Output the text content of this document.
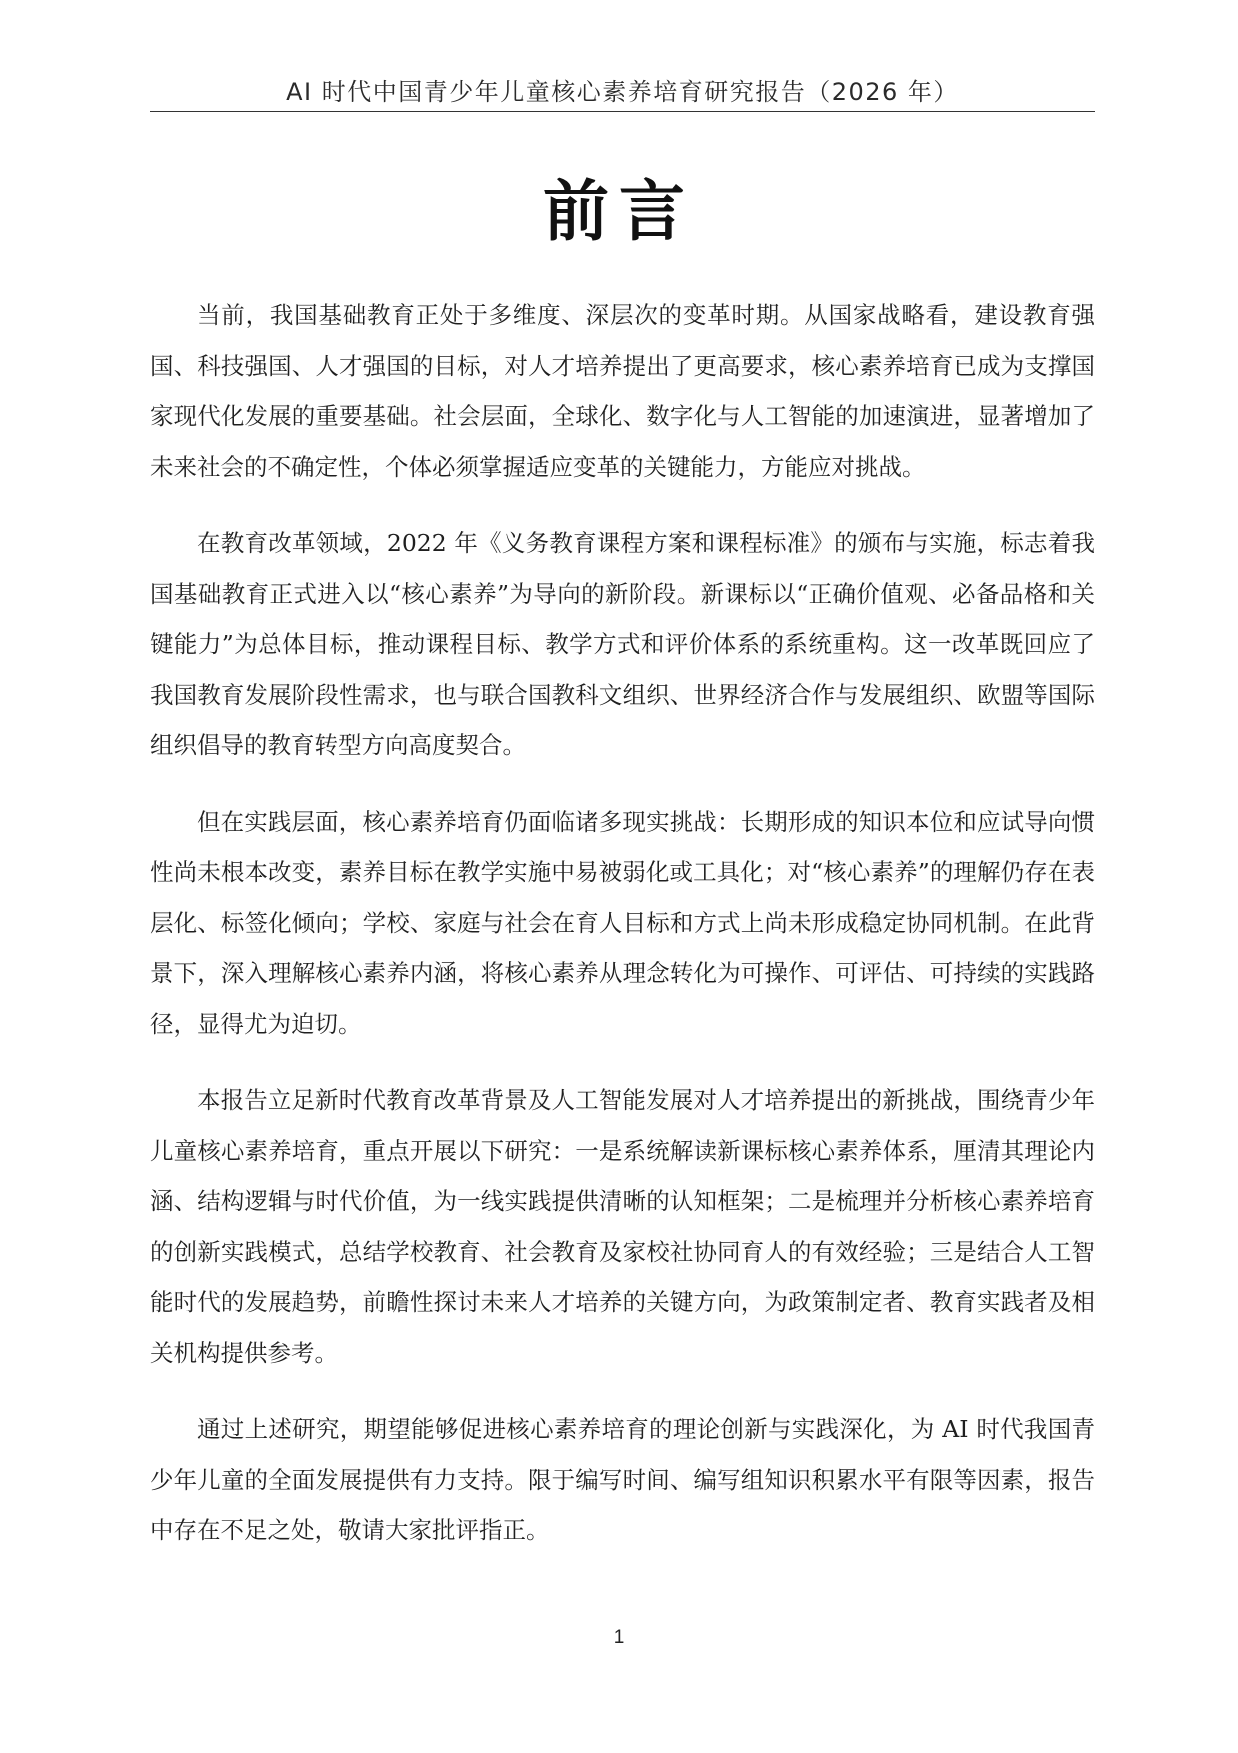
AI 时代中国青少年儿童核心素养培育研究报告（2026 年）
前言

当前，我国基础教育正处于多维度、深层次的变革时期。从国家战略看，建设教育强国、科技强国、人才强国的目标，对人才培养提出了更高要求，核心素养培育已成为支撑国家现代化发展的重要基础。社会层面，全球化、数字化与人工智能的加速演进，显著增加了未来社会的不确定性，个体必须掌握适应变革的关键能力，方能应对挑战。

在教育改革领域，2022 年《义务教育课程方案和课程标准》的颁布与实施，标志着我国基础教育正式进入以“核心素养”为导向的新阶段。新课标以“正确价值观、必备品格和关键能力”为总体目标，推动课程目标、教学方式和评价体系的系统重构。这一改革既回应了我国教育发展阶段性需求，也与联合国教科文组织、世界经济合作与发展组织、欧盟等国际组织倡导的教育转型方向高度契合。

但在实践层面，核心素养培育仍面临诸多现实挑战：长期形成的知识本位和应试导向惯性尚未根本改变，素养目标在教学实施中易被弱化或工具化；对“核心素养”的理解仍存在表层化、标签化倾向；学校、家庭与社会在育人目标和方式上尚未形成稳定协同机制。在此背景下，深入理解核心素养内涵，将核心素养从理念转化为可操作、可评估、可持续的实践路径，显得尤为迫切。

本报告立足新时代教育改革背景及人工智能发展对人才培养提出的新挑战，围绕青少年儿童核心素养培育，重点开展以下研究：一是系统解读新课标核心素养体系，厘清其理论内涵、结构逻辑与时代价值，为一线实践提供清晰的认知框架；二是梳理并分析核心素养培育的创新实践模式，总结学校教育、社会教育及家校社协同育人的有效经验；三是结合人工智能时代的发展趋势，前瞻性探讨未来人才培养的关键方向，为政策制定者、教育实践者及相关机构提供参考。

通过上述研究，期望能够促进核心素养培育的理论创新与实践深化，为 AI 时代我国青少年儿童的全面发展提供有力支持。限于编写时间、编写组知识积累水平有限等因素，报告中存在不足之处，敬请大家批评指正。

1
